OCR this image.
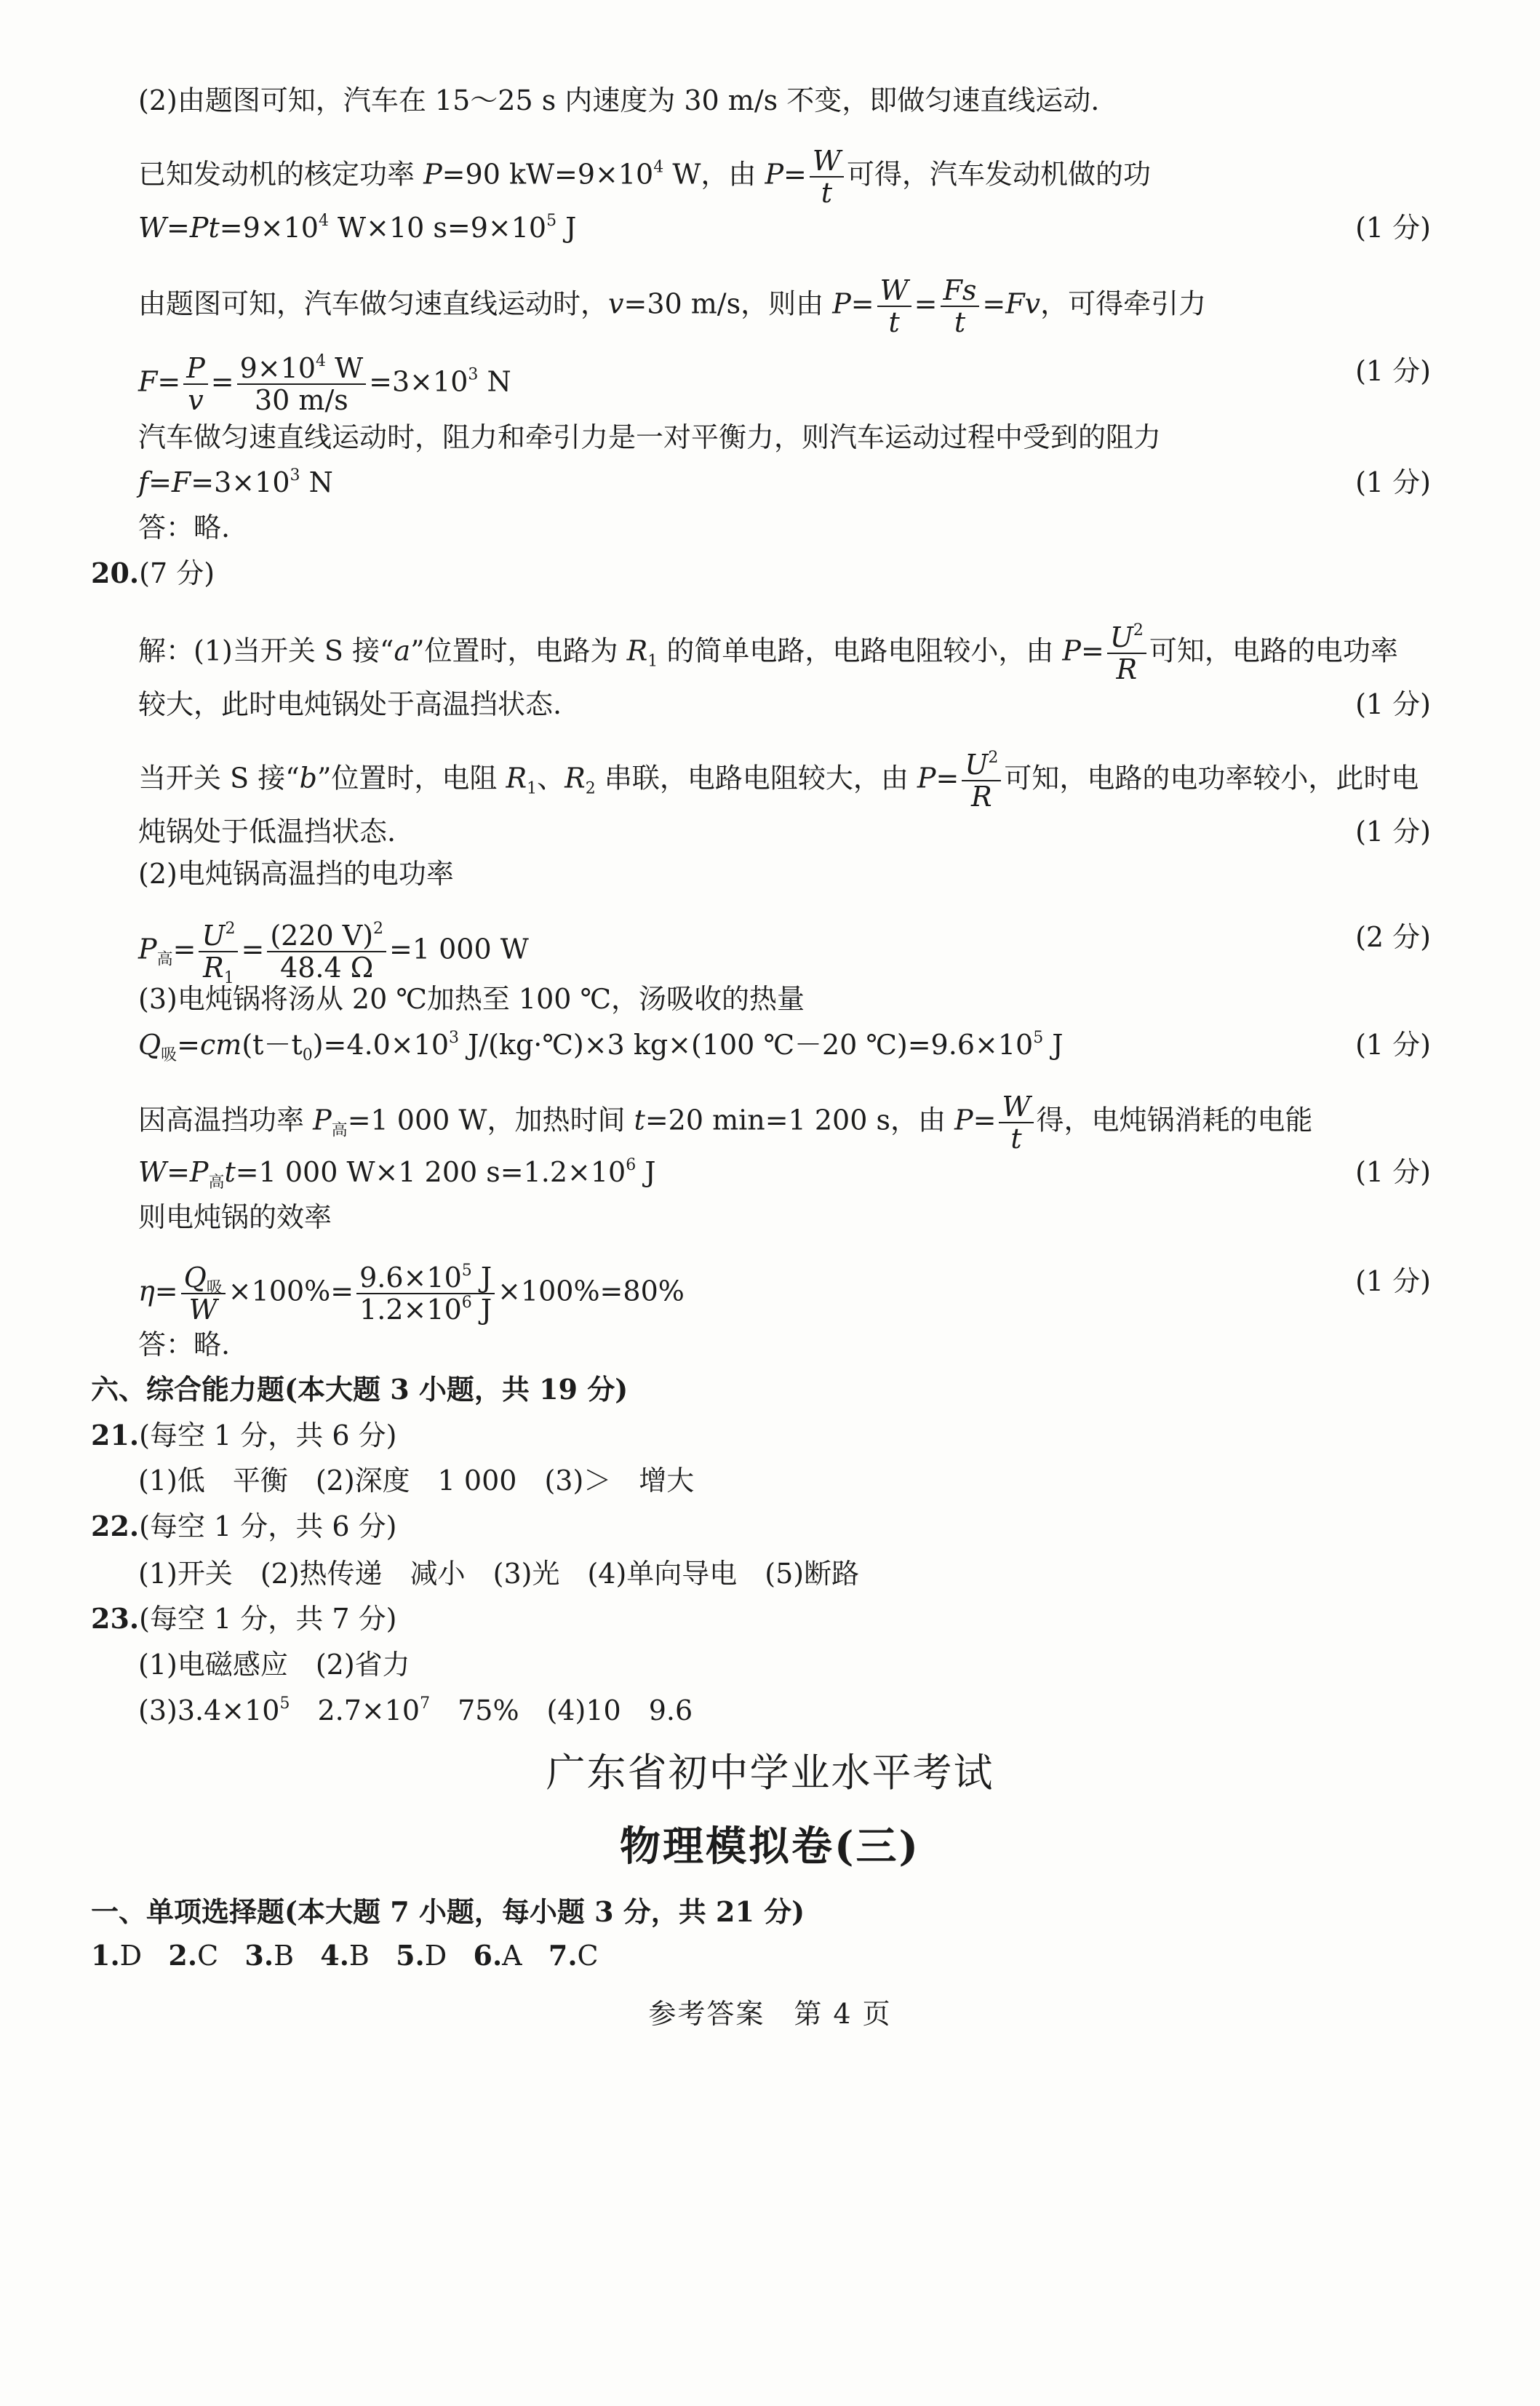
(2)由题图可知，汽车在 15～25 s 内速度为 30 m/s 不变，即做匀速直线运动.
已知发动机的核定功率 P=90 $kW=9\times 10^4$ W，由 $P= \frac{W}{t}$ 可得，汽车发动机做的功
$W=Pt=9\times 10^4$ W×10 $s=9\times 10^5$ J	(1 分)
由题图可知，汽车做匀速直线运动时，v=30 m/s，则由 $P= \frac{W}{t} = \frac{Fs}{t} =Fv$，可得牵引力
$F= \frac{P}{v} = \frac{9\times 10^4 W}{30 m/s} =3\times 10^3$ N	(1 分)
汽车做匀速直线运动时，阻力和牵引力是一对平衡力，则汽车运动过程中受到的阻力
$f=F=3\times 10^3$ N	(1 分)
答：略.
20.(7 分)
解：(1)当开关 S 接“a”位置时，电路为 $R_1$ 的简单电路，电路电阻较小，由 $P= \frac{U^2}{R}$ 可知，电路的电功率
较大，此时电炖锅处于高温挡状态.	(1 分)
当开关 S 接“b”位置时，电阻 $R_1$、$R_2$ 串联，电路电阻较大，由 $P= \frac{U^2}{R}$ 可知，电路的电功率较小，此时电
炖锅处于低温挡状态.	(1 分)
(2)电炖锅高温挡的电功率
$P_高= \frac{U^2}{R_1} = \frac{(220 V)^2}{48.4 \Omega} =1$ 000 W	(2 分)
(3)电炖锅将汤从 20 ℃加热至 100 ℃，汤吸收的热量
$Q_吸=cm(t-t_0)=4.0\times 10^3$ J/(kg·℃)×3 kg×(100 ℃－20 $℃)=9.6\times 10^5$ J	(1 分)
因高温挡功率 $P_高=1$ 000 W，加热时间 t=20 min=1 200 s，由 $P= \frac{W}{t}$ 得，电炖锅消耗的电能
$W=P_高t=1$ 000 W×1 200 $s=1.2\times 10^6$ J	(1 分)
则电炖锅的效率
$\eta= \frac{Q_吸}{W} \times 100\%= \frac{9.6\times 10^5 J}{1.2\times 10^6 J} \times 100\%=80\%$	(1 分)
答：略.
六、综合能力题(本大题 3 小题，共 19 分)
21.(每空 1 分，共 6 分)
(1)低　平衡　(2)深度　1 000　(3)＞　增大
22.(每空 1 分，共 6 分)
(1)开关　(2)热传递　减小　(3)光　(4)单向导电　(5)断路
23.(每空 1 分，共 7 分)
(1)电磁感应　(2)省力
$(3)3.4\times 10^5$　$2.7\times 10^7$　75%　(4)10　9.6
广东省初中学业水平考试
物理模拟卷(三)
一、单项选择题(本大题 7 小题，每小题 3 分，共 21 分)
1.D 2.C 3.B 4.B 5.D 6.A 7.C
参考答案　第 4 页
